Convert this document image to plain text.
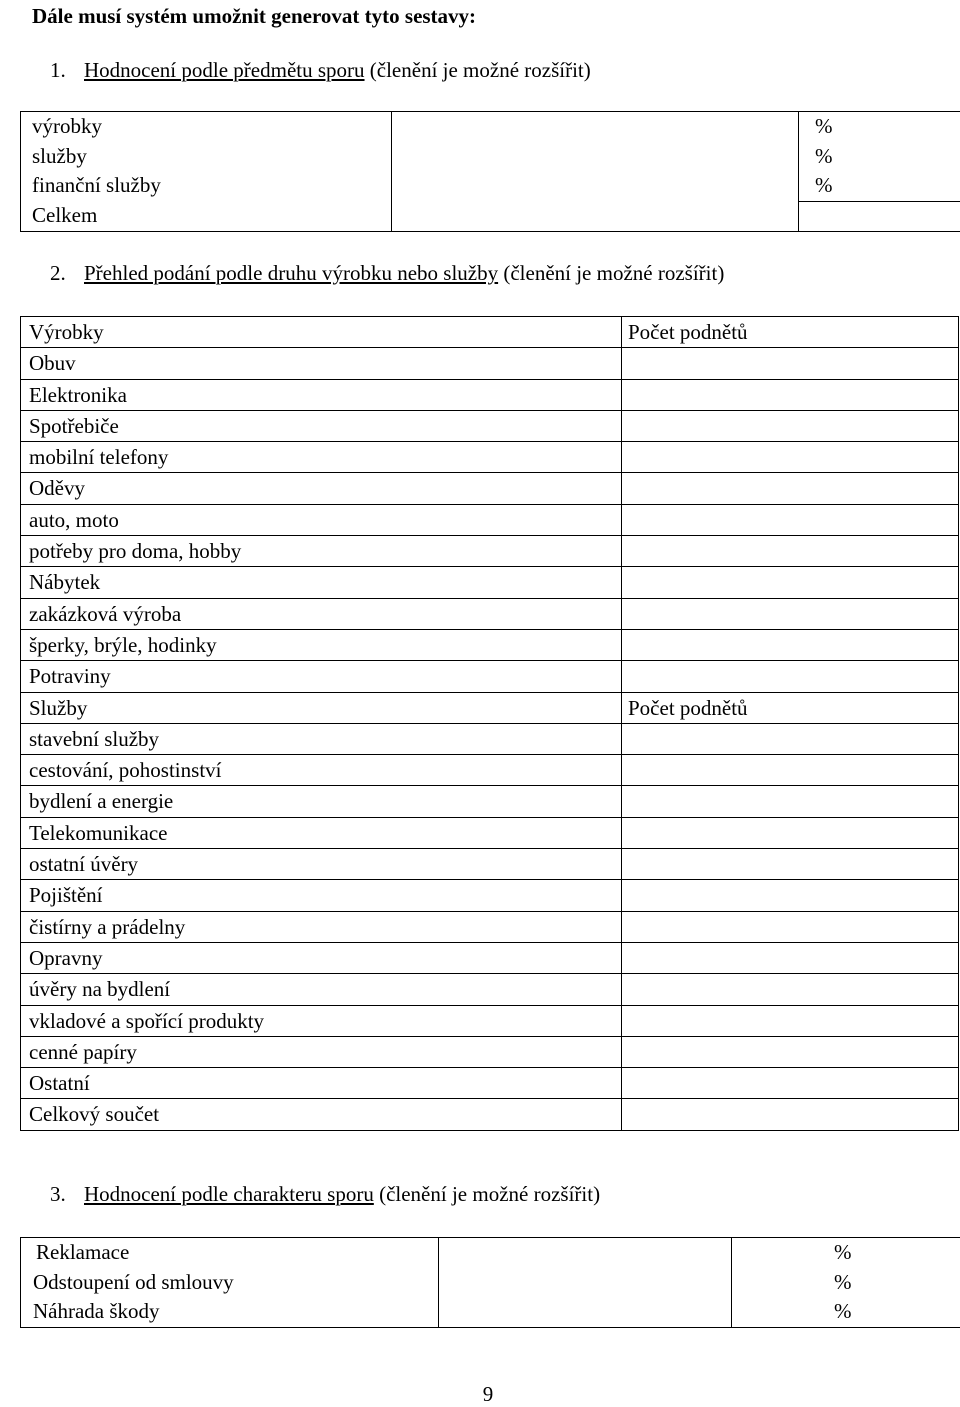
Dále musí systém umožnit generovat tyto sestavy:
1. Hodnocení podle předmětu sporu (členění je možné rozšířit)
výrobky		%
služby		%
finanční služby		%
Celkem		
2. Přehled podání podle druhu výrobku nebo služby (členění je možné rozšířit)
Výrobky	Počet podnětů
Obuv	
Elektronika	
Spotřebiče	
mobilní telefony	
Oděvy	
auto, moto	
potřeby pro doma, hobby	
Nábytek	
zakázková výroba	
šperky, brýle, hodinky	
Potraviny	
Služby	Počet podnětů
stavební služby	
cestování, pohostinství	
bydlení a energie	
Telekomunikace	
ostatní úvěry	
Pojištění	
čistírny a prádelny	
Opravny	
úvěry na bydlení	
vkladové a spořící produkty	
cenné papíry	
Ostatní	
Celkový součet	
3. Hodnocení podle charakteru sporu (členění je možné rozšířit)
Reklamace		%
Odstoupení od smlouvy		%
Náhrada škody		%
9
